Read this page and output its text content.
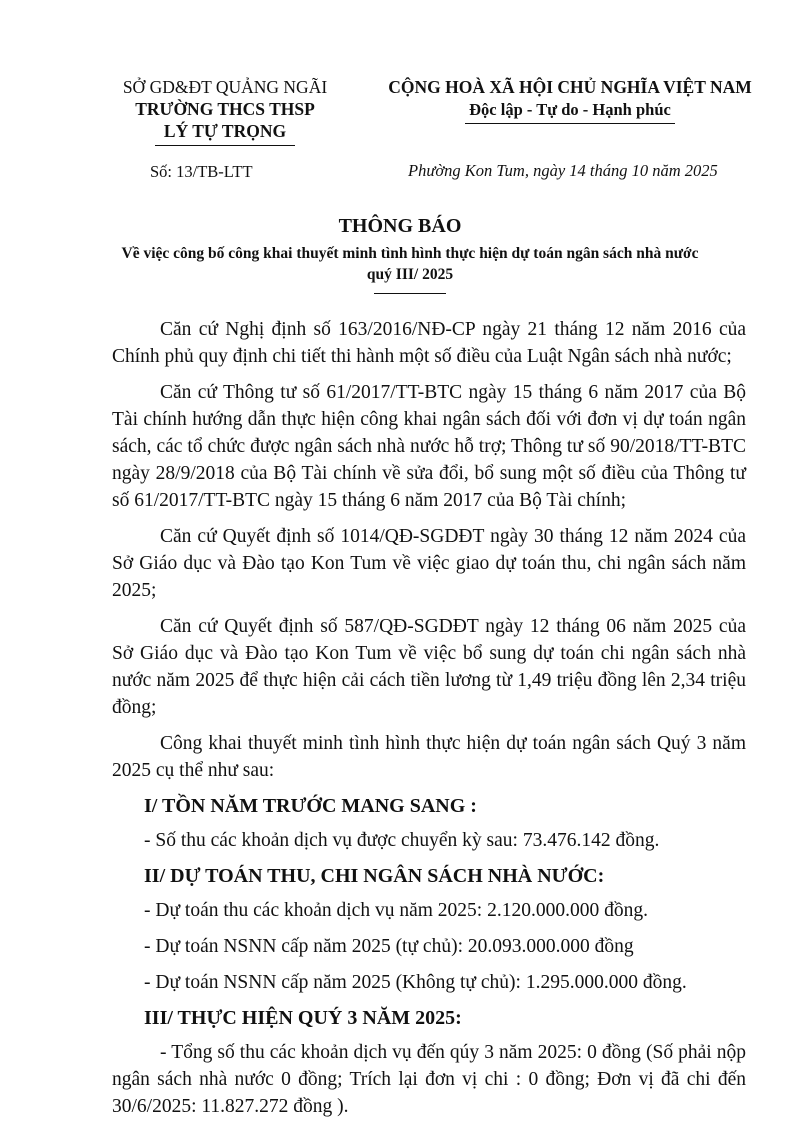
SỞ GD&ĐT QUẢNG NGÃI
TRƯỜNG THCS THSP
LÝ TỰ TRỌNG
CỘNG HOÀ XÃ HỘI CHỦ NGHĨA VIỆT NAM
Độc lập - Tự do - Hạnh phúc
Số: 13/TB-LTT	Phường Kon Tum, ngày 14 tháng 10 năm 2025
THÔNG BÁO
Về việc công bố công khai thuyết minh tình hình thực hiện dự toán ngân sách nhà nước
quý III/ 2025

Căn cứ Nghị định số 163/2016/NĐ-CP ngày 21 tháng 12 năm 2016 của Chính phủ quy định chi tiết thi hành một số điều của Luật Ngân sách nhà nước;

Căn cứ Thông tư số 61/2017/TT-BTC ngày 15 tháng 6 năm 2017 của Bộ Tài chính hướng dẫn thực hiện công khai ngân sách đối với đơn vị dự toán ngân sách, các tổ chức được ngân sách nhà nước hỗ trợ; Thông tư số 90/2018/TT-BTC ngày 28/9/2018 của Bộ Tài chính về sửa đổi, bổ sung một số điều của Thông tư số 61/2017/TT-BTC ngày 15 tháng 6 năm 2017 của Bộ Tài chính;

Căn cứ Quyết định số 1014/QĐ-SGDĐT ngày 30 tháng 12 năm 2024 của Sở Giáo dục và Đào tạo Kon Tum về việc giao dự toán thu, chi ngân sách năm 2025;

Căn cứ Quyết định số 587/QĐ-SGDĐT ngày 12 tháng 06 năm 2025 của Sở Giáo dục và Đào tạo Kon Tum về việc bổ sung dự toán chi ngân sách nhà nước năm 2025 để thực hiện cải cách tiền lương từ 1,49 triệu đồng lên 2,34 triệu đồng;

Công khai thuyết minh tình hình thực hiện dự toán ngân sách Quý 3 năm 2025 cụ thể như sau:

I/ TỒN NĂM TRƯỚC MANG SANG :

- Số thu các khoản dịch vụ được chuyển kỳ sau: 73.476.142 đồng.

II/ DỰ TOÁN THU, CHI NGÂN SÁCH NHÀ NƯỚC:

- Dự toán thu các khoản dịch vụ năm 2025: 2.120.000.000 đồng.

- Dự toán NSNN cấp năm 2025 (tự chủ): 20.093.000.000 đồng

- Dự toán NSNN cấp năm 2025 (Không tự chủ): 1.295.000.000 đồng.

III/ THỰC HIỆN QUÝ 3 NĂM 2025:

- Tổng số thu các khoản dịch vụ đến qúy 3 năm 2025: 0 đồng (Số phải nộp ngân sách nhà nước 0 đồng; Trích lại đơn vị chi : 0 đồng; Đơn vị đã chi đến 30/6/2025: 11.827.272 đồng ).
